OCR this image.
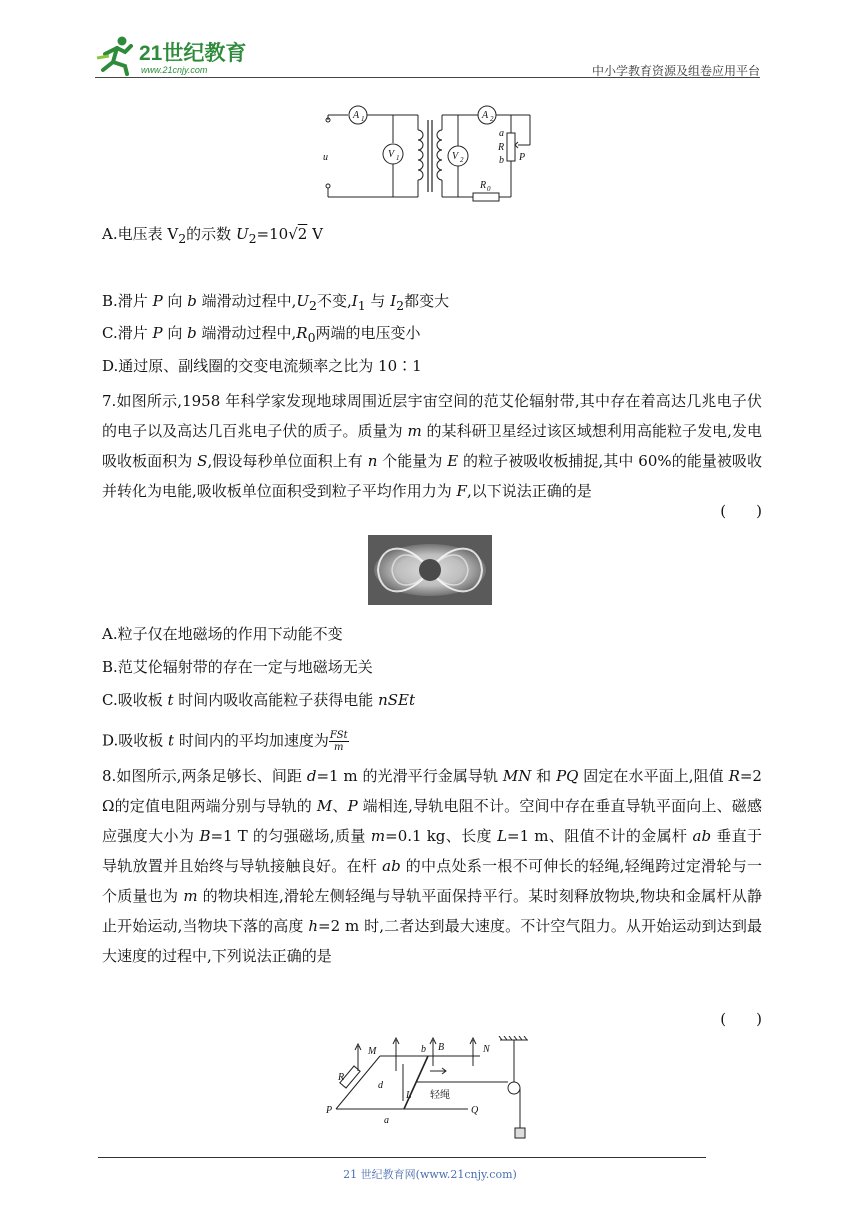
21世纪教育
www.21cnjy.com	中小学教育资源及组卷应用平台
A 1
V 1
u
A 2
V 2
a
R
b P
R 0
A.电压表 $V_2$的示数 $U_2=10√2$ V
B.滑片 P 向 b 端滑动过程中$,U_2$不变$,I_1$ 与 $I_2$都变大
C.滑片 P 向 b 端滑动过程中$,R_0$两端的电压变小
D.通过原、副线圈的交变电流频率之比为 10∶1
7.如图所示,1958 年科学家发现地球周围近层宇宙空间的范艾伦辐射带,其中存在着高达几兆电子伏的电子以及高达几百兆电子伏的质子。质量为 m 的某科研卫星经过该区域想利用高能粒子发电,发电吸收板面积为 S,假设每秒单位面积上有 n 个能量为 E 的粒子被吸收板捕捉,其中 60%的能量被吸收并转化为电能,吸收板单位面积受到粒子平均作用力为 F,以下说法正确的是
(　　)
A.粒子仅在地磁场的作用下动能不变
B.范艾伦辐射带的存在一定与地磁场无关
C.吸收板 t 时间内吸收高能粒子获得电能 nSEt
D.吸收板 t 时间内的平均加速度为 $\frac{\text{FSt}}{m}$
8.如图所示,两条足够长、间距 d=1 m 的光滑平行金属导轨 MN 和 PQ 固定在水平面上,阻值 R=2 Ω的定值电阻两端分别与导轨的 M、P 端相连,导轨电阻不计。空间中存在垂直导轨平面向上、磁感应强度大小为 B=1 T 的匀强磁场,质量 m=0.1 kg、长度 L=1 m、阻值不计的金属杆 ab 垂直于导轨放置并且始终与导轨接触良好。在杆 ab 的中点处系一根不可伸长的轻绳,轻绳跨过定滑轮与一个质量也为 m 的物块相连,滑轮左侧轻绳与导轨平面保持平行。某时刻释放物块,物块和金属杆从静止开始运动,当物块下落的高度 h=2 m 时,二者达到最大速度。不计空气阻力。从开始运动到达到最大速度的过程中,下列说法正确的是
(　　)
M	b B	N
R
d
L 轻绳
P
a
Q
21 世纪教育网(www.21cnjy.com)
